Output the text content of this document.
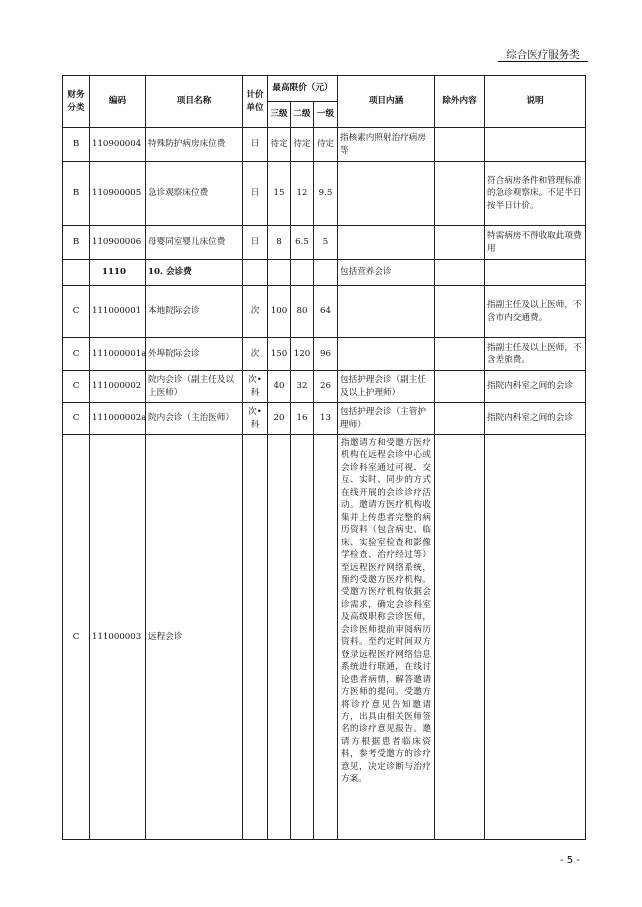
综合医疗服务类
财务分类	编码	项目名称	计价单位	最高限价（元）			项目内涵	除外内容	说明
				三级	二级	一级			
B	110900004	特殊防护病房床位费	日	待定	待定	待定	指核素内照射治疗病房等		
B	110900005	急诊观察床位费	日	15	12	9.5			符合病房条件和管理标准的急诊观察床。不足半日按半日计价。
B	110900006	母婴同室婴儿床位费	日	8	6.5	5			特需病房不得收取此项费用
	1110	10. 会诊费					包括营养会诊		
C	111000001	本地院际会诊	次	100	80	64			指副主任及以上医师，不含市内交通费。
C	111000001a	外埠院际会诊	次	150	120	96			指副主任及以上医师，不含差旅费。
C	111000002	院内会诊（副主任及以上医师）	次•科	40	32	26	包括护理会诊（副主任及以上护理师）		指院内科室之间的会诊
C	111000002a	院内会诊（主治医师）	次•科	20	16	13	包括护理会诊（主管护理师）		指院内科室之间的会诊
C	111000003	远程会诊					指邀请方和受邀方医疗机构在远程会诊中心或会诊科室通过可视、交互、实时、同步的方式在线开展的会诊诊疗活动。邀请方医疗机构收集并上传患者完整的病历资料（包含病史、临床、实验室检查和影像学检查、治疗经过等）至远程医疗网络系统，预约受邀方医疗机构。受邀方医疗机构依据会诊需求，确定会诊科室及高级职称会诊医师，会诊医师提前审阅病历资料。至约定时间双方登录远程医疗网络信息系统进行联通，在线讨论患者病情，解答邀请方医师的提问。受邀方将诊疗意见告知邀请方，出具由相关医师签名的诊疗意见报告。邀请方根据患者临床资料，参考受邀方的诊疗意见，决定诊断与治疗方案。		
- 5 -
